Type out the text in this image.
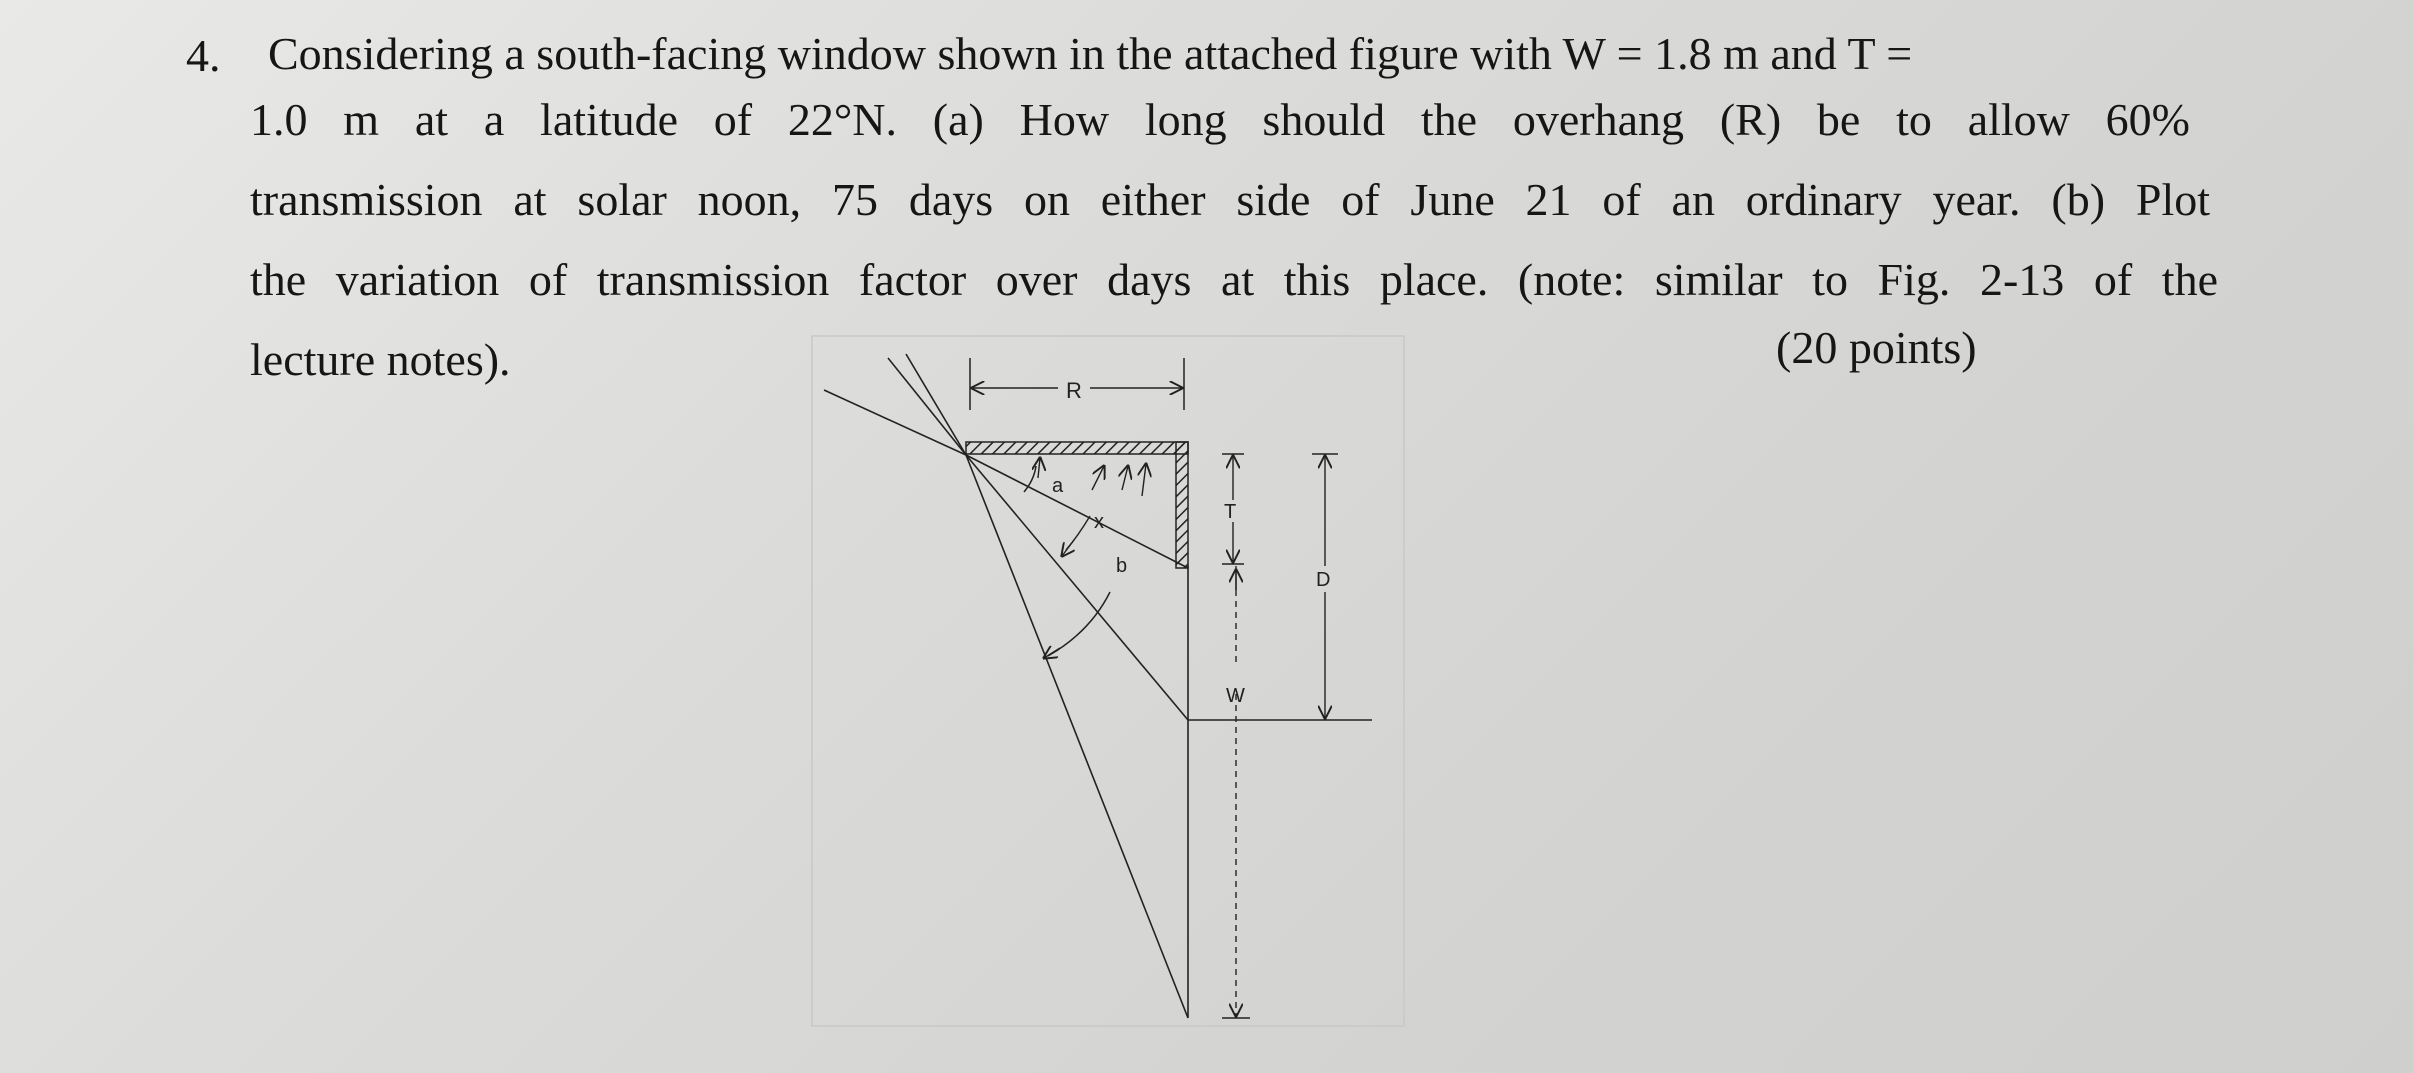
4. Considering a south-facing window shown in the attached figure with W = 1.8 m and T =
1.0 m at a latitude of 22°N. (a) How long should the overhang (R) be to allow 60%
transmission at solar noon, 75 days on either side of June 21 of an ordinary year. (b) Plot
the variation of transmission factor over days at this place. (note: similar to Fig. 2-13 of the
lecture notes).	(20 points)
R
a
x
b
T
W
D
